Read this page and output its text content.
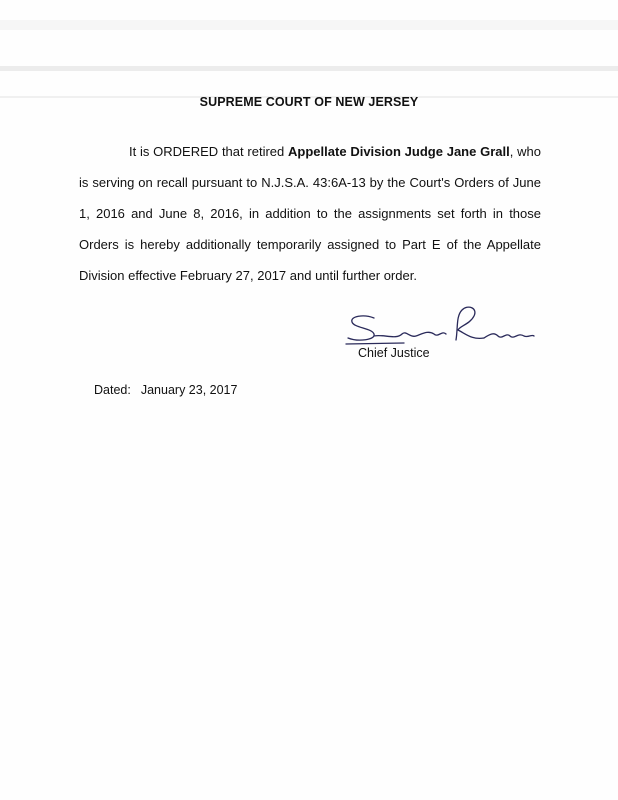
SUPREME COURT OF NEW JERSEY

It is ORDERED that retired Appellate Division Judge Jane Grall, who is serving on recall pursuant to N.J.S.A. 43:6A-13 by the Court's Orders of June 1, 2016 and June 8, 2016, in addition to the assignments set forth in those Orders is hereby additionally temporarily assigned to Part E of the Appellate Division effective February 27, 2017 and until further order.

Chief Justice
Dated: January 23, 2017
